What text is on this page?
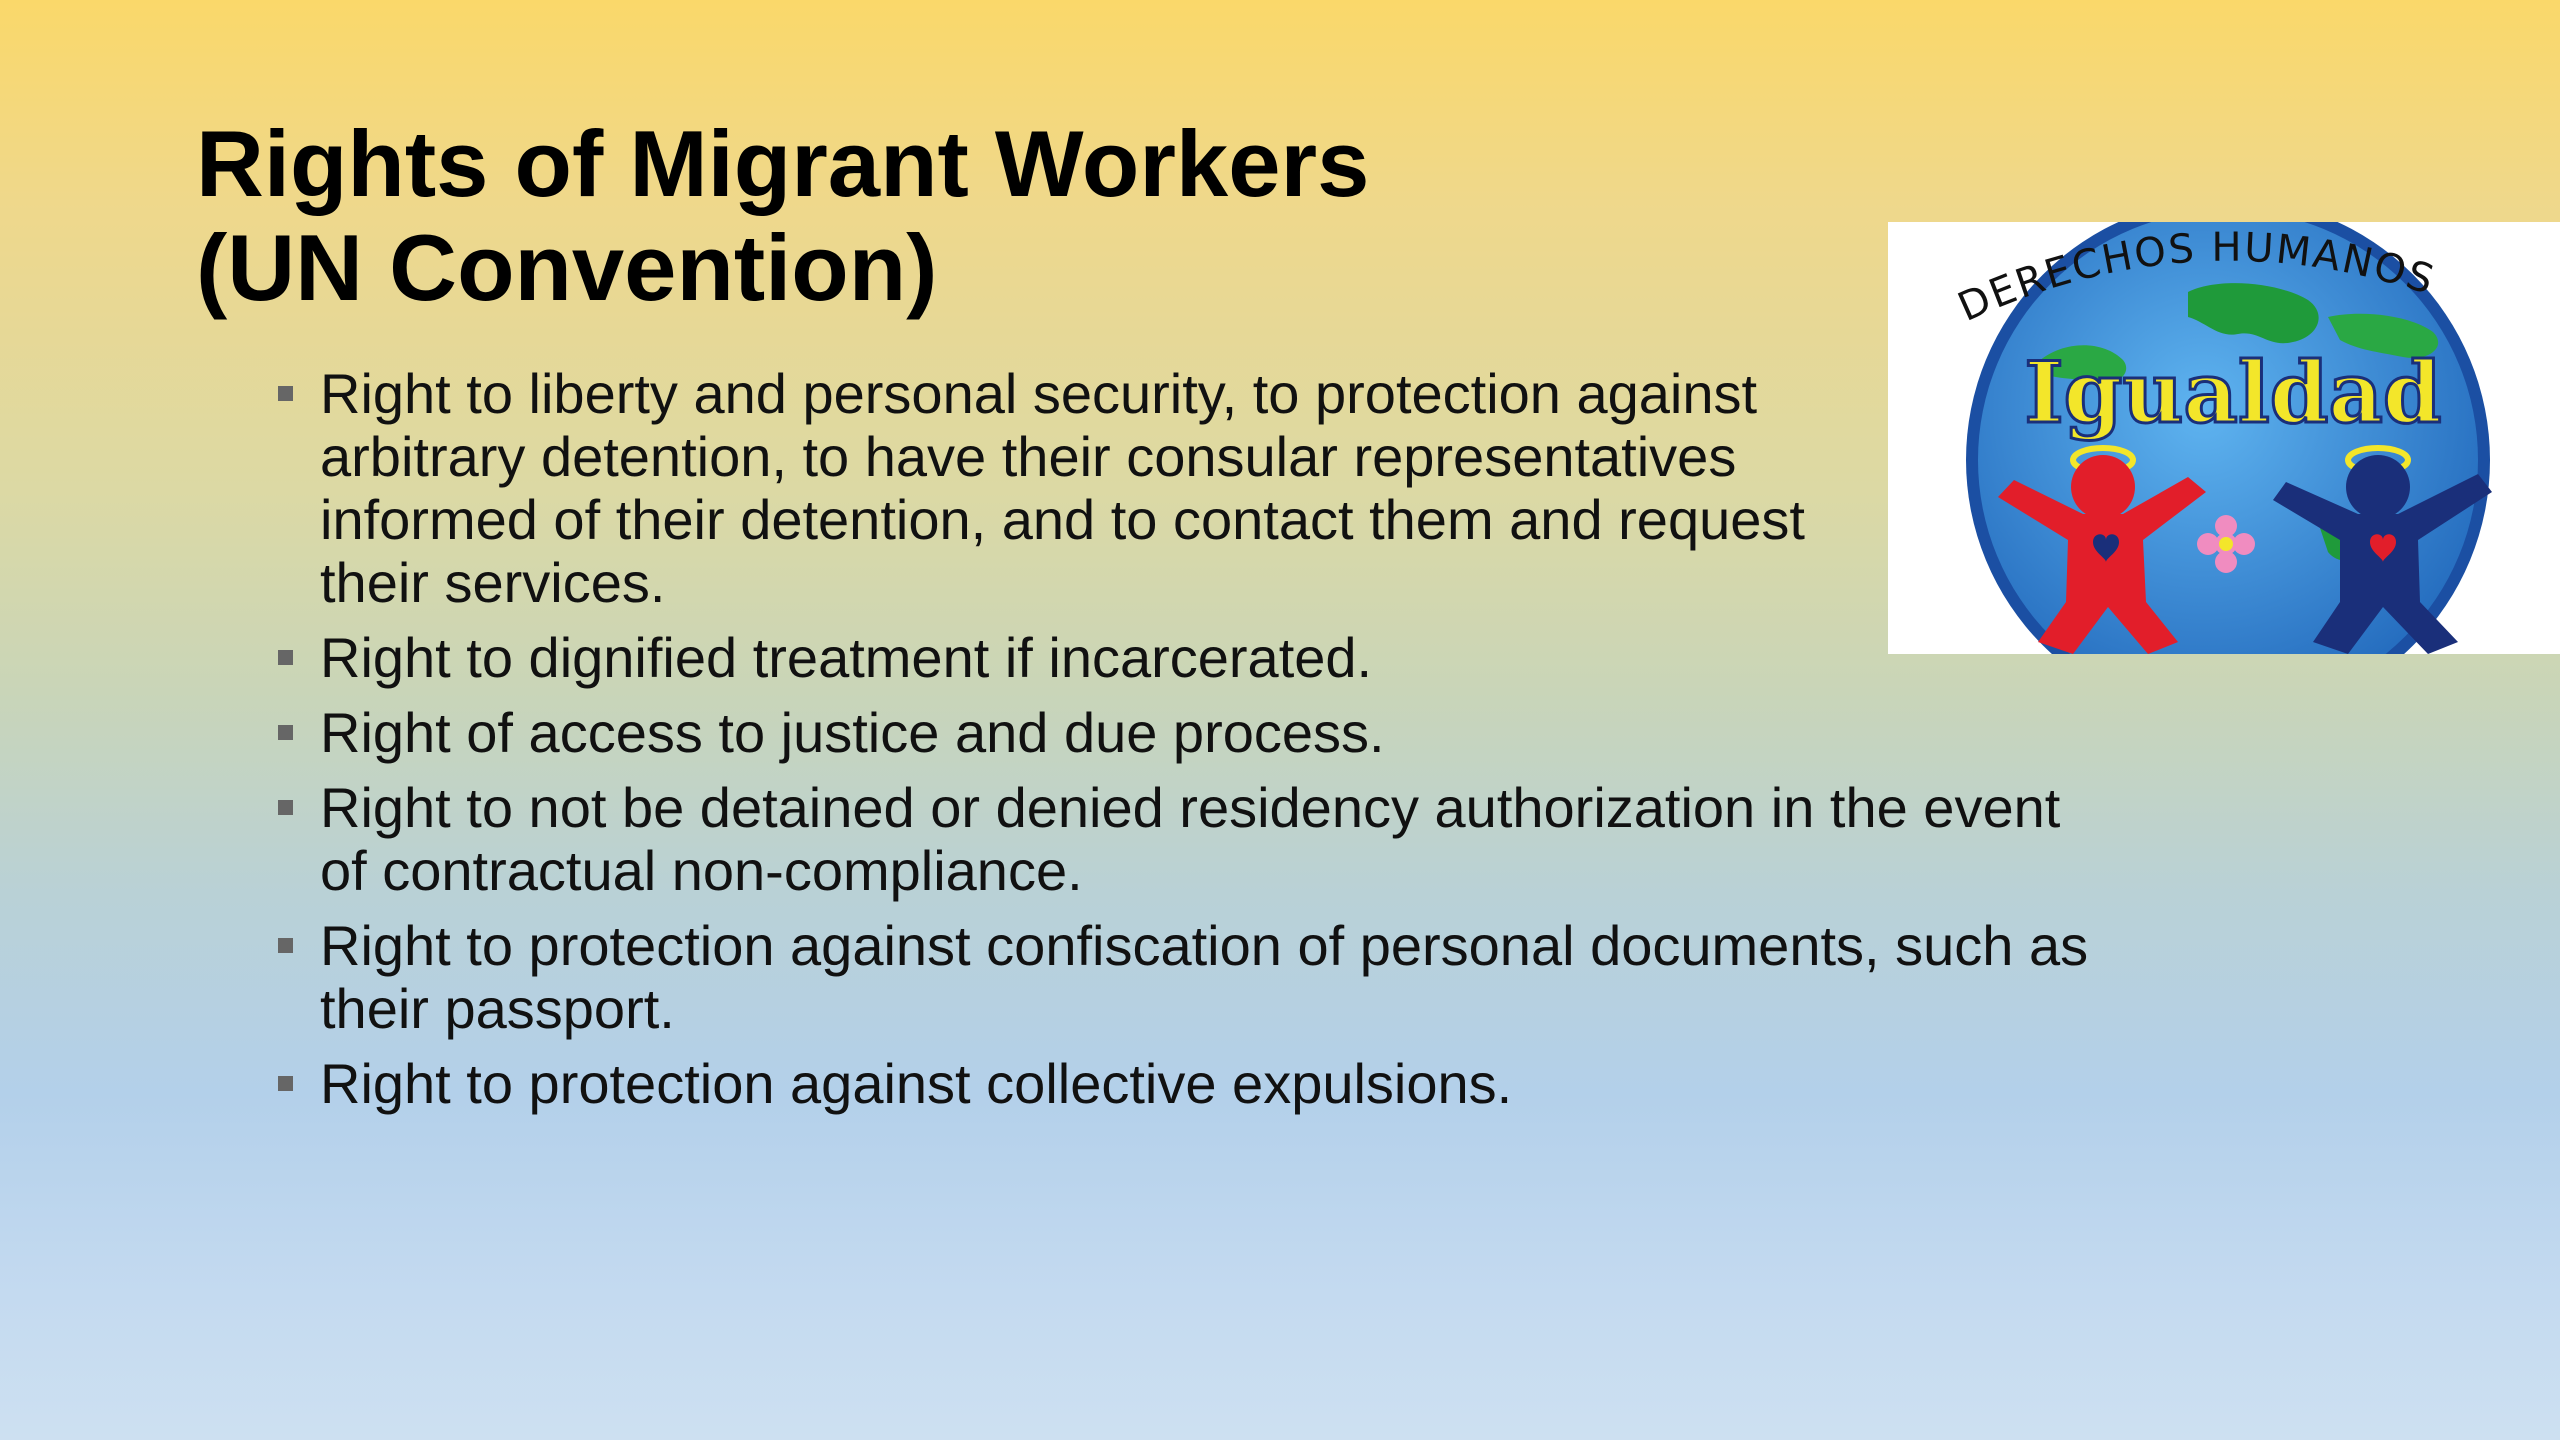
Rights of Migrant Workers
(UN Convention)
Right to liberty and personal security, to protection against
arbitrary detention, to have their consular representatives
informed of their detention, and to contact them and request
their services.
Right to dignified treatment if incarcerated.
Right of access to justice and due process.
Right to not be detained or denied residency authorization in the event
of contractual non-compliance.
Right to protection against confiscation of personal documents, such as
their passport.
Right to protection against collective expulsions.
DERECHOS HUMANOS
Igualdad
